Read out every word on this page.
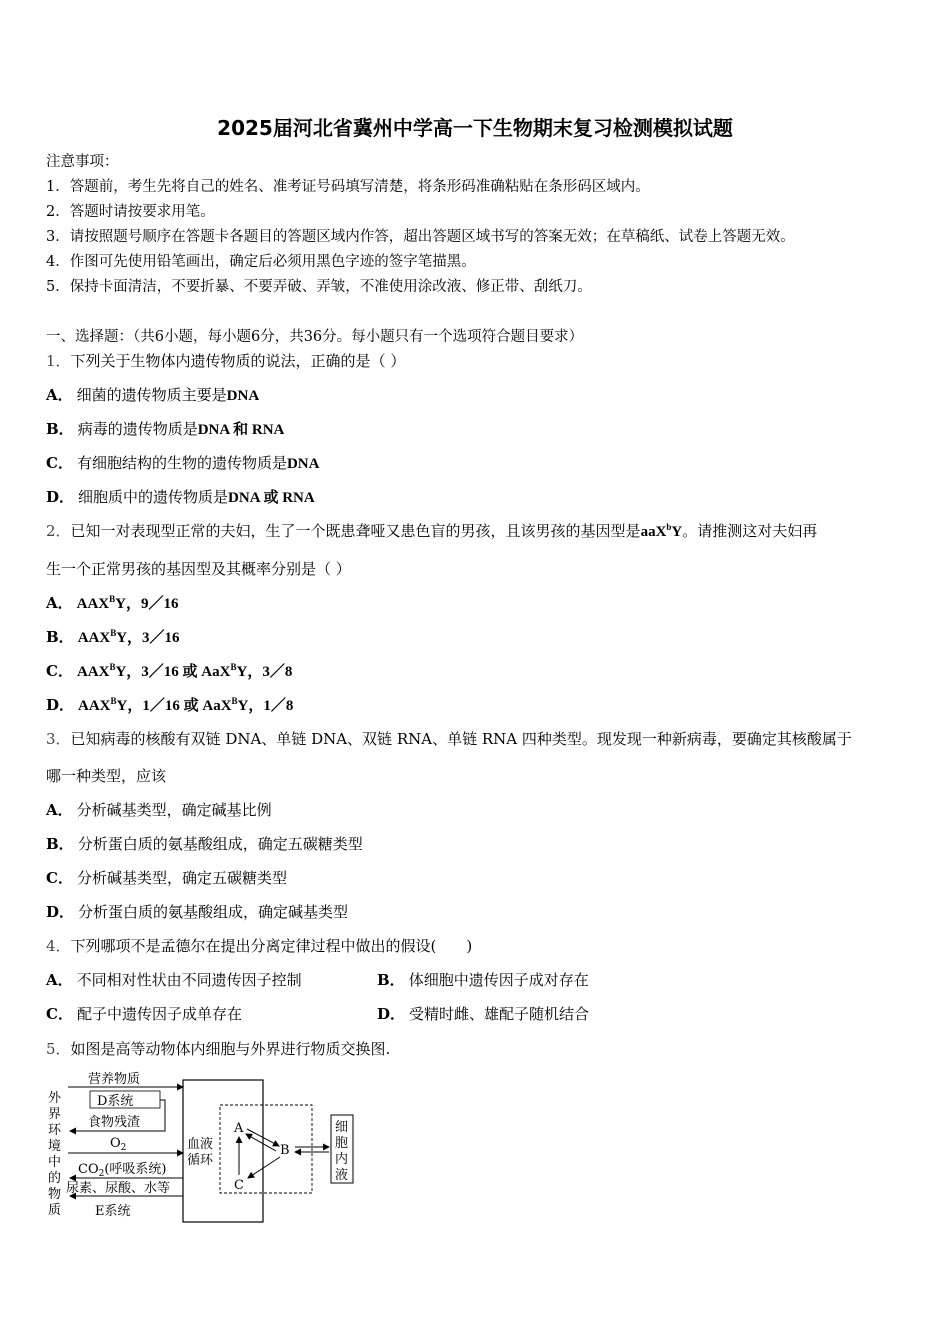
2025届河北省冀州中学高一下生物期末复习检测模拟试题
注意事项：
1．答题前，考生先将自己的姓名、准考证号码填写清楚，将条形码准确粘贴在条形码区域内。
2．答题时请按要求用笔。
3．请按照题号顺序在答题卡各题目的答题区域内作答，超出答题区域书写的答案无效；在草稿纸、试卷上答题无效。
4．作图可先使用铅笔画出，确定后必须用黑色字迹的签字笔描黑。
5．保持卡面清洁，不要折暴、不要弄破、弄皱，不准使用涂改液、修正带、刮纸刀。
一、选择题：（共6小题，每小题6分，共36分。每小题只有一个选项符合题目要求）
1．下列关于生物体内遗传物质的说法，正确的是（ ）
A． 细菌的遗传物质主要是DNA
B． 病毒的遗传物质是DNA 和 RNA
C． 有细胞结构的生物的遗传物质是DNA
D． 细胞质中的遗传物质是DNA 或 RNA
2．已知一对表现型正常的夫妇，生了一个既患聋哑又患色盲的男孩，且该男孩的基因型是aaX$^b$Y。请推测这对夫妇再
生一个正常男孩的基因型及其概率分别是（ ）
A． $AAX^BY$，9／16
B． $AAX^BY$，3／16
C． $AAX^BY$，3／16 或 AaX$^B$Y，3／8
D． $AAX^BY$，1／16 或 AaX$^B$Y，1／8
3．已知病毒的核酸有双链 DNA、单链 DNA、双链 RNA、单链 RNA 四种类型。现发现一种新病毒，要确定其核酸属于
哪一种类型，应该
A． 分析碱基类型，确定碱基比例
B． 分析蛋白质的氨基酸组成，确定五碳糖类型
C． 分析碱基类型，确定五碳糖类型
D． 分析蛋白质的氨基酸组成，确定碱基类型
4．下列哪项不是孟德尔在提出分离定律过程中做出的假设(　　)
A． 不同相对性状由不同遗传因子控制	B． 体细胞中遗传因子成对存在
C． 配子中遗传因子成单存在	D． 受精时雌、雄配子随机结合
5．如图是高等动物体内细胞与外界进行物质交换图.
外
界
环
境
中
的
物
质
血液
循环
营养物质
D系统
食物残渣
$O_2$
$CO_2$(呼吸系统)
尿素、尿酸、水等
E系统
A
B
C
细
胞
内
液
